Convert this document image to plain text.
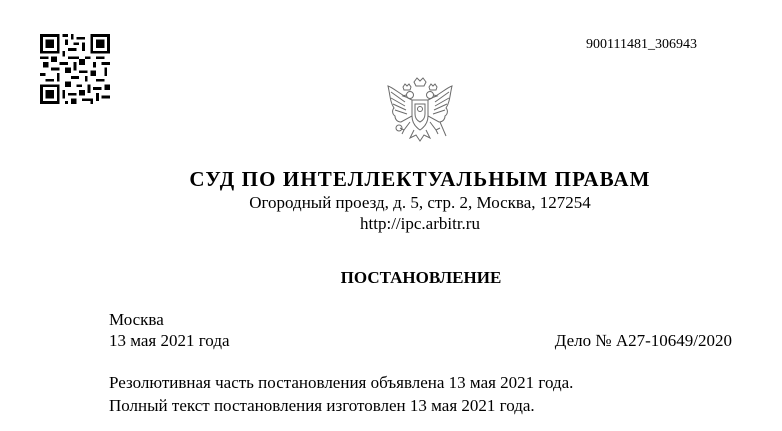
900111481_306943
СУД ПО ИНТЕЛЛЕКТУАЛЬНЫМ ПРАВАМ
Огородный проезд, д. 5, стр. 2, Москва, 127254
http://ipc.arbitr.ru
ПОСТАНОВЛЕНИЕ
Москва
13 мая 2021 года	Дело № А27-10649/2020
Резолютивная часть постановления объявлена 13 мая 2021 года.
Полный текст постановления изготовлен 13 мая 2021 года.
